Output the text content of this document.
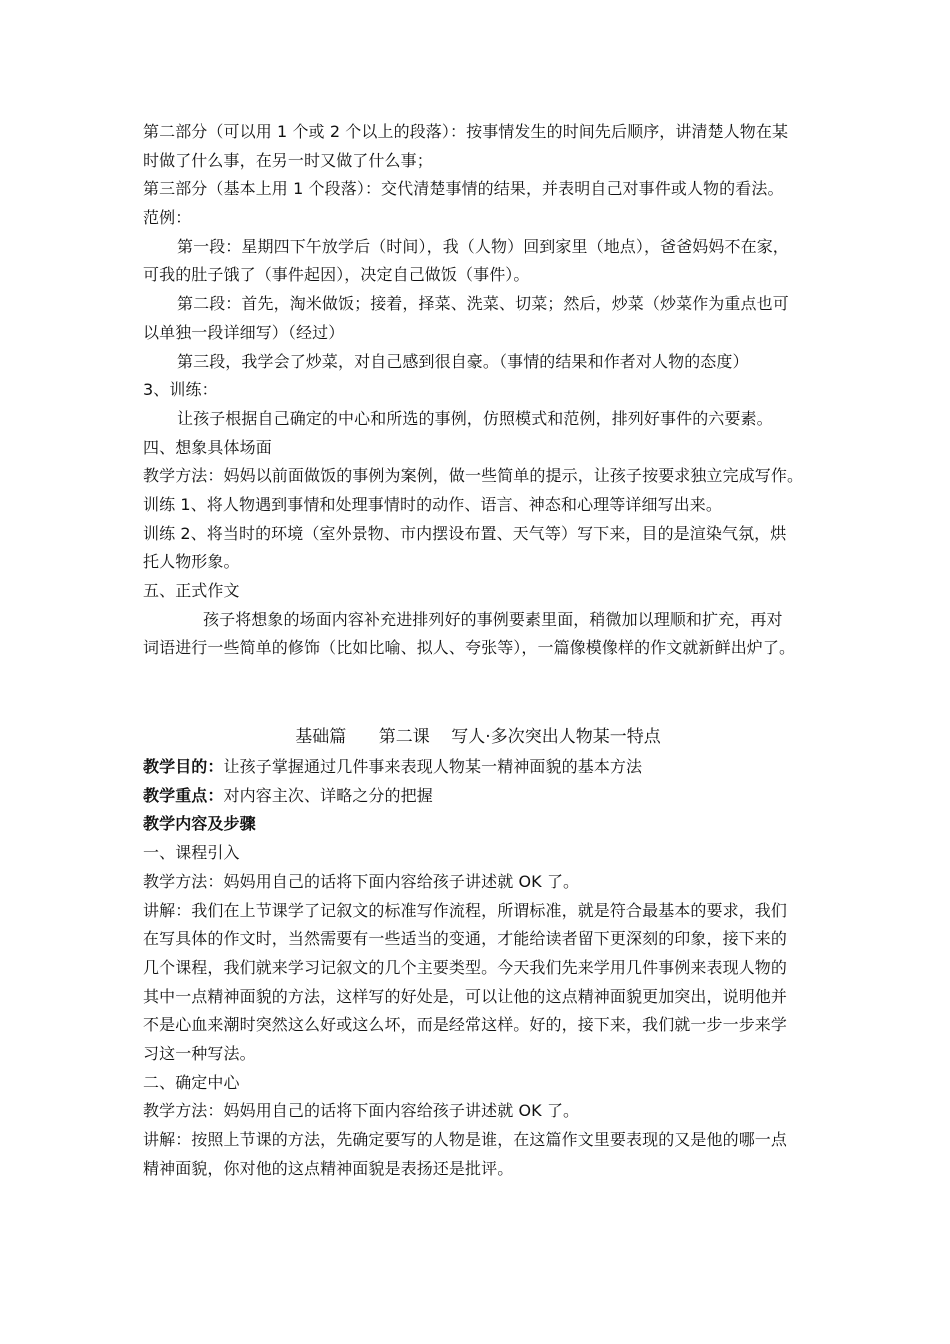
第二部分（可以用 1 个或 2 个以上的段落）：按事情发生的时间先后顺序，讲清楚人物在某
时做了什么事，在另一时又做了什么事；
第三部分（基本上用 1 个段落）：交代清楚事情的结果，并表明自己对事件或人物的看法。
范例：
第一段：星期四下午放学后（时间），我（人物）回到家里（地点），爸爸妈妈不在家，
可我的肚子饿了（事件起因），决定自己做饭（事件）。
第二段：首先，淘米做饭；接着，择菜、洗菜、切菜；然后，炒菜（炒菜作为重点也可
以单独一段详细写）（经过）
第三段，我学会了炒菜，对自己感到很自豪。（事情的结果和作者对人物的态度）
3、训练：
让孩子根据自己确定的中心和所选的事例，仿照模式和范例，排列好事件的六要素。
四、想象具体场面
教学方法：妈妈以前面做饭的事例为案例，做一些简单的提示，让孩子按要求独立完成写作。
训练 1、将人物遇到事情和处理事情时的动作、语言、神态和心理等详细写出来。
训练 2、将当时的环境（室外景物、市内摆设布置、天气等）写下来，目的是渲染气氛，烘
托人物形象。
五、正式作文
孩子将想象的场面内容补充进排列好的事例要素里面，稍微加以理顺和扩充，再对
词语进行一些简单的修饰（比如比喻、拟人、夸张等），一篇像模像样的作文就新鲜出炉了。
基础篇      第二课    写人·多次突出人物某一特点
教学目的：让孩子掌握通过几件事来表现人物某一精神面貌的基本方法
教学重点：对内容主次、详略之分的把握
教学内容及步骤
一、课程引入
教学方法：妈妈用自己的话将下面内容给孩子讲述就 OK 了。
讲解：我们在上节课学了记叙文的标准写作流程，所谓标准，就是符合最基本的要求，我们
在写具体的作文时，当然需要有一些适当的变通，才能给读者留下更深刻的印象，接下来的
几个课程，我们就来学习记叙文的几个主要类型。今天我们先来学用几件事例来表现人物的
其中一点精神面貌的方法，这样写的好处是，可以让他的这点精神面貌更加突出，说明他并
不是心血来潮时突然这么好或这么坏，而是经常这样。好的，接下来，我们就一步一步来学
习这一种写法。
二、确定中心
教学方法：妈妈用自己的话将下面内容给孩子讲述就 OK 了。
讲解：按照上节课的方法，先确定要写的人物是谁，在这篇作文里要表现的又是他的哪一点
精神面貌，你对他的这点精神面貌是表扬还是批评。
